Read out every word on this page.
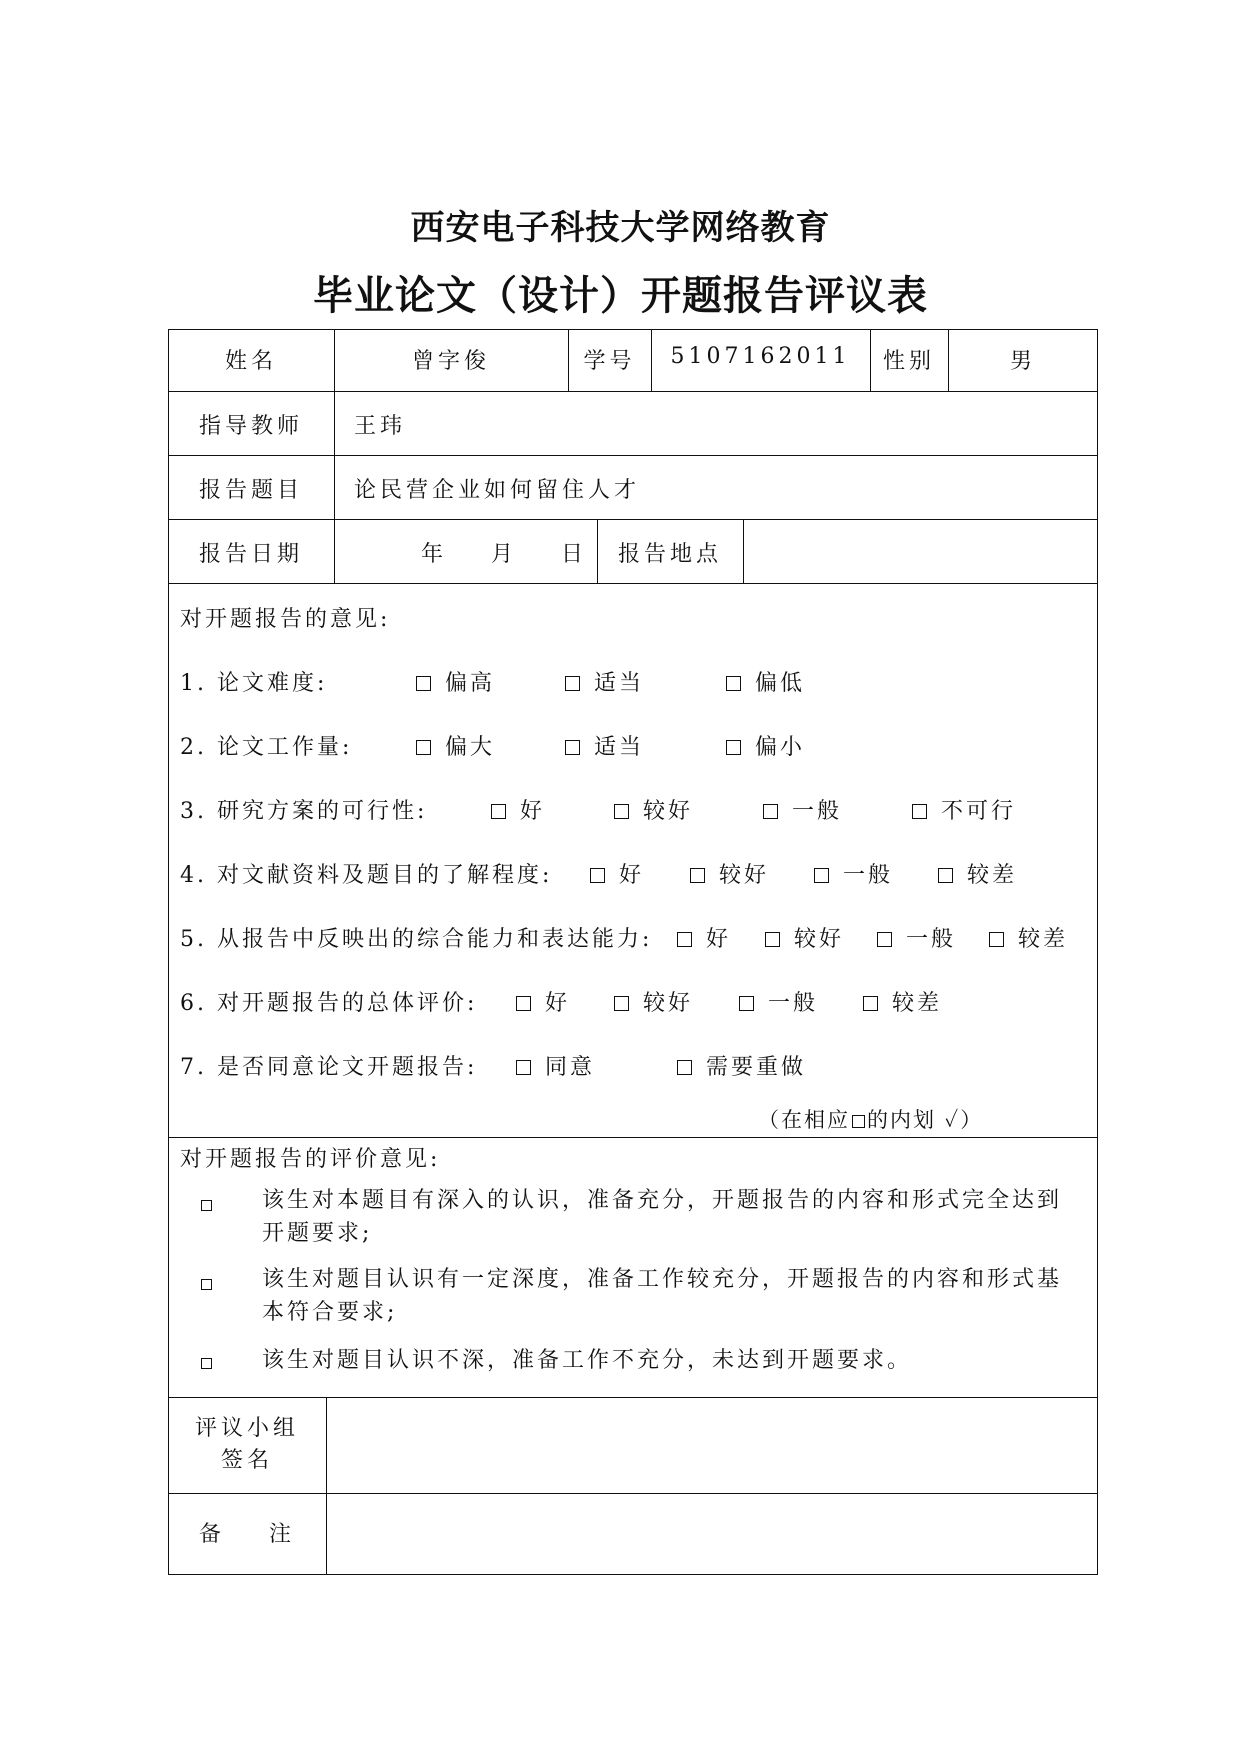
西安电子科技大学网络教育
毕业论文（设计）开题报告评议表
姓名	曾字俊	学号	5107162011	性别	男
指导教师	王玮
报告题目	论民营企业如何留住人才
报告日期	年 月 日	报告地点
对开题报告的意见:
1. 论文难度:	偏高	适当	偏低
2. 论文工作量:	偏大	适当	偏小
3. 研究方案的可行性:	好	较好	一般	不可行
4. 对文献资料及题目的了解程度:	好	较好	一般	较差
5. 从报告中反映出的综合能力和表达能力:	好	较好	一般	较差
6. 对开题报告的总体评价:	好	较好	一般	较差
7. 是否同意论文开题报告:	同意	需要重做
（在相应 的内划 ✓）
对开题报告的评价意见:
该生对本题目有深入的认识，准备充分，开题报告的内容和形式完全达到开题要求;
该生对题目认识有一定深度，准备工作较充分，开题报告的内容和形式基本符合要求;
该生对题目认识不深，准备工作不充分，未达到开题要求。
评议小组
签名
备    注
